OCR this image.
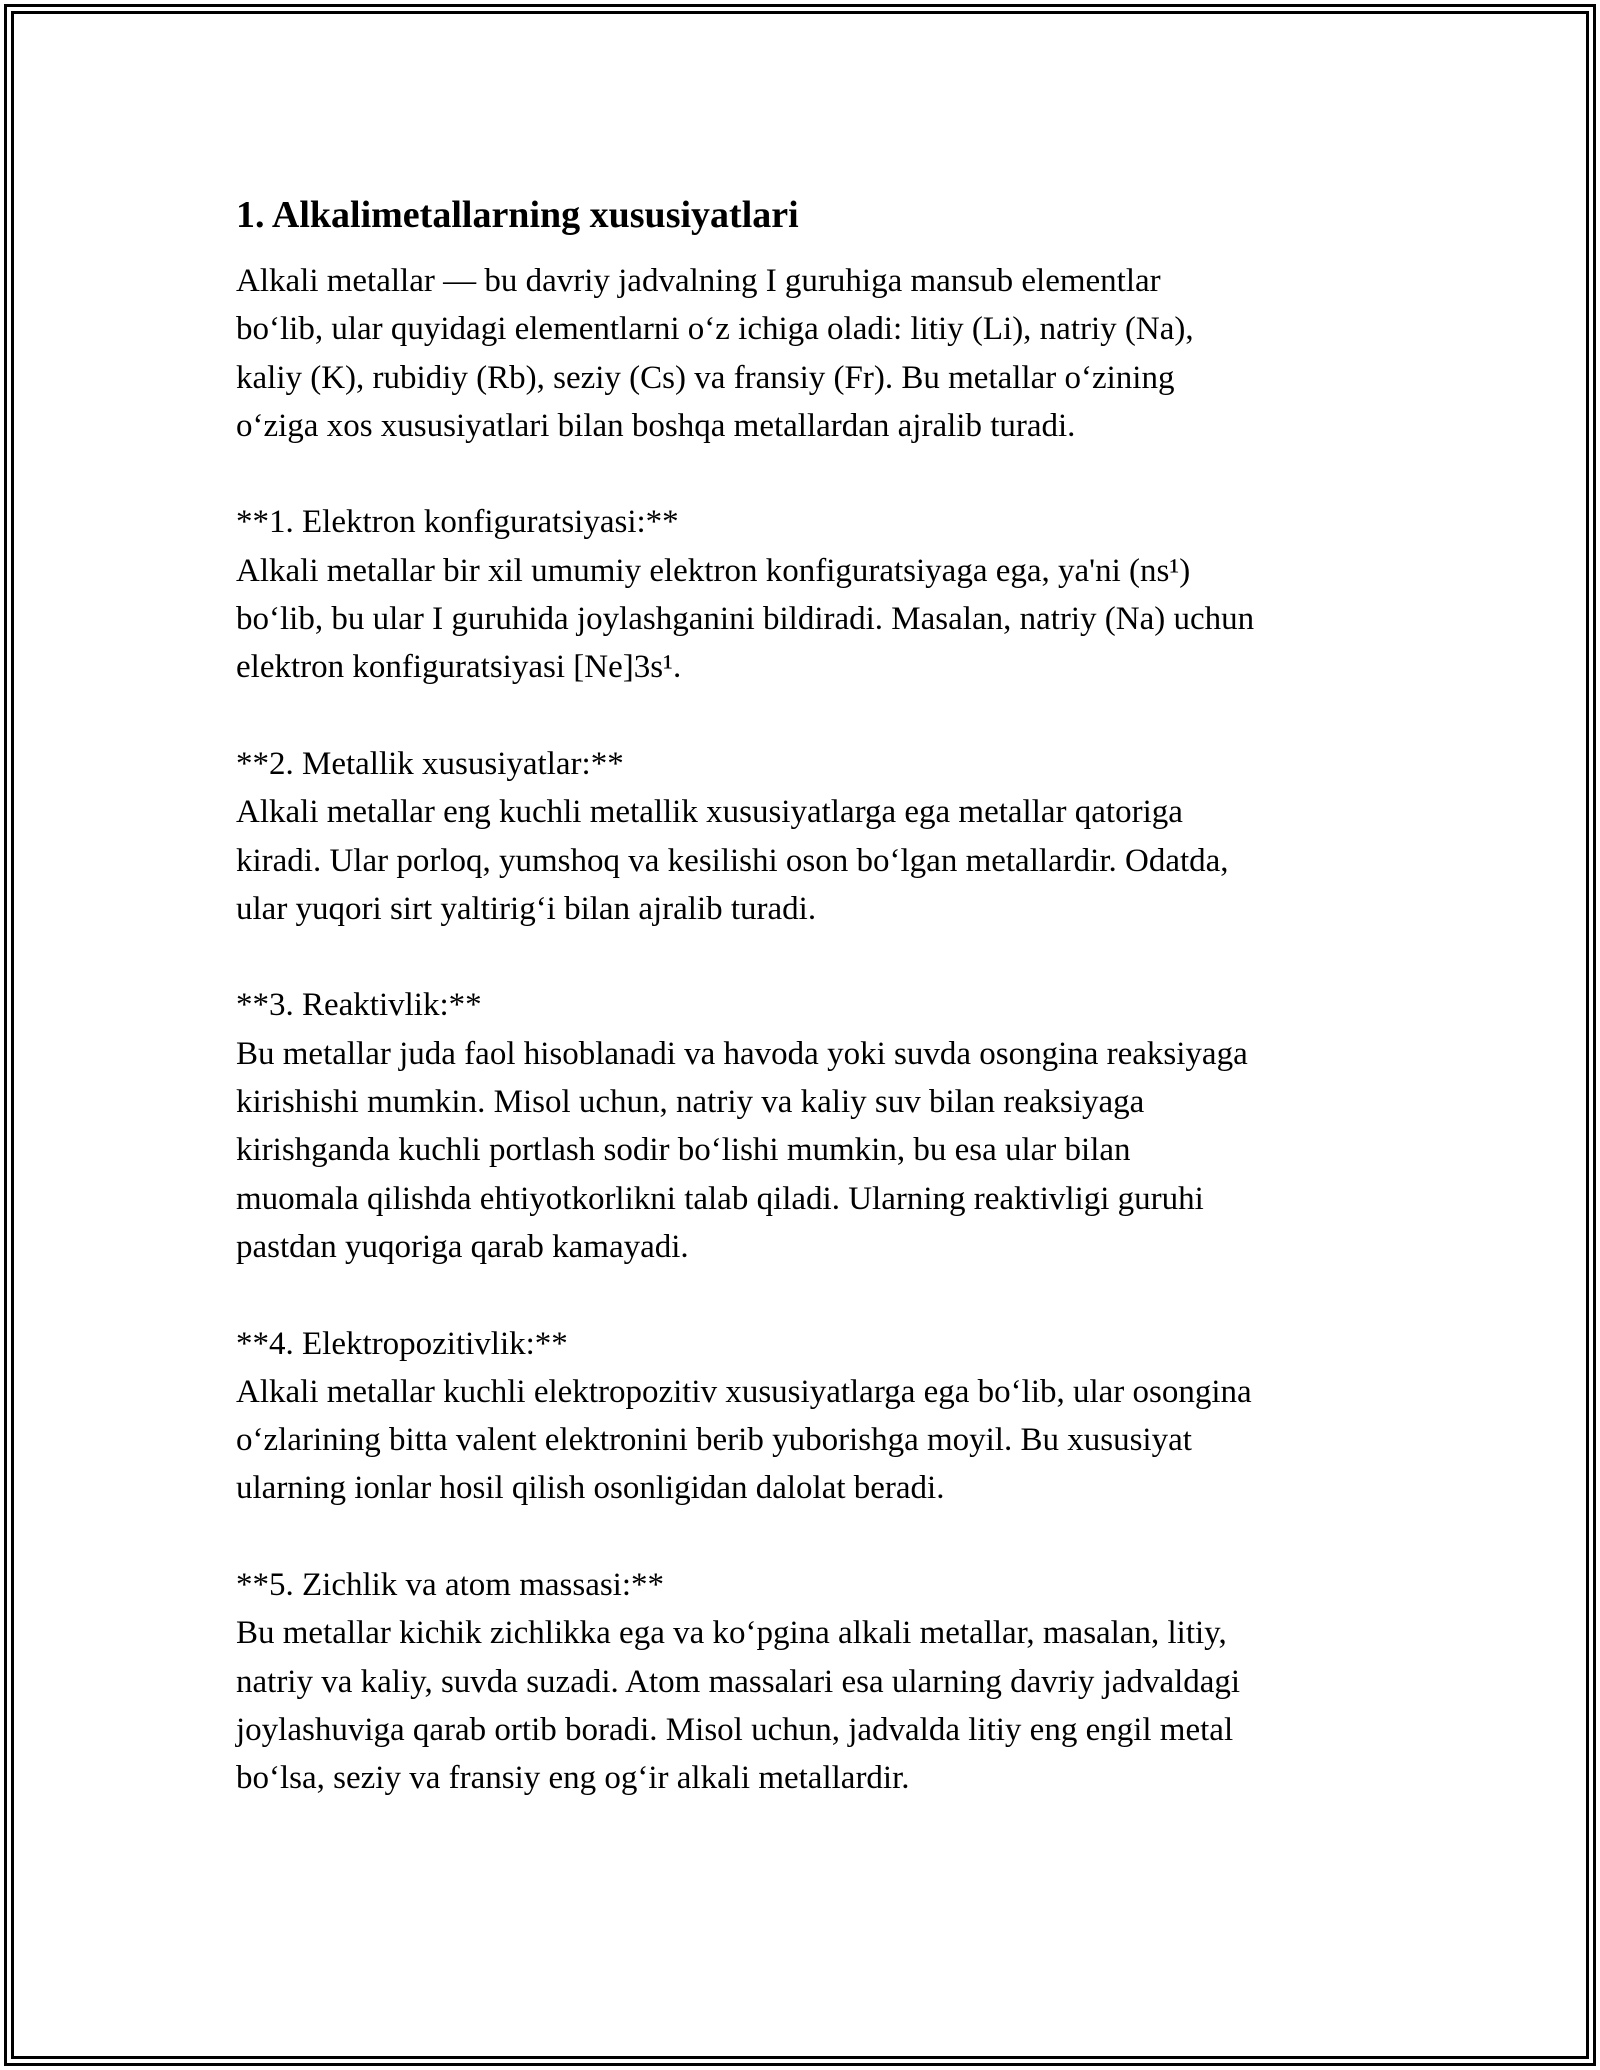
1. Alkalimetallarning xususiyatlari

Alkali metallar — bu davriy jadvalning I guruhiga mansub elementlar
bo‘lib, ular quyidagi elementlarni o‘z ichiga oladi: litiy (Li), natriy (Na),
kaliy (K), rubidiy (Rb), seziy (Cs) va fransiy (Fr). Bu metallar o‘zining
o‘ziga xos xususiyatlari bilan boshqa metallardan ajralib turadi.

**1. Elektron konfiguratsiyasi:**

Alkali metallar bir xil umumiy elektron konfiguratsiyaga ega, ya'ni (ns¹)
bo‘lib, bu ular I guruhida joylashganini bildiradi. Masalan, natriy (Na) uchun
elektron konfiguratsiyasi [Ne]3s¹.

**2. Metallik xususiyatlar:**

Alkali metallar eng kuchli metallik xususiyatlarga ega metallar qatoriga
kiradi. Ular porloq, yumshoq va kesilishi oson bo‘lgan metallardir. Odatda,
ular yuqori sirt yaltirig‘i bilan ajralib turadi.

**3. Reaktivlik:**

Bu metallar juda faol hisoblanadi va havoda yoki suvda osongina reaksiyaga
kirishishi mumkin. Misol uchun, natriy va kaliy suv bilan reaksiyaga
kirishganda kuchli portlash sodir bo‘lishi mumkin, bu esa ular bilan
muomala qilishda ehtiyotkorlikni talab qiladi. Ularning reaktivligi guruhi
pastdan yuqoriga qarab kamayadi.

**4. Elektropozitivlik:**

Alkali metallar kuchli elektropozitiv xususiyatlarga ega bo‘lib, ular osongina
o‘zlarining bitta valent elektronini berib yuborishga moyil. Bu xususiyat
ularning ionlar hosil qilish osonligidan dalolat beradi.

**5. Zichlik va atom massasi:**

Bu metallar kichik zichlikka ega va ko‘pgina alkali metallar, masalan, litiy,
natriy va kaliy, suvda suzadi. Atom massalari esa ularning davriy jadvaldagi
joylashuviga qarab ortib boradi. Misol uchun, jadvalda litiy eng engil metal
bo‘lsa, seziy va fransiy eng og‘ir alkali metallardir.
